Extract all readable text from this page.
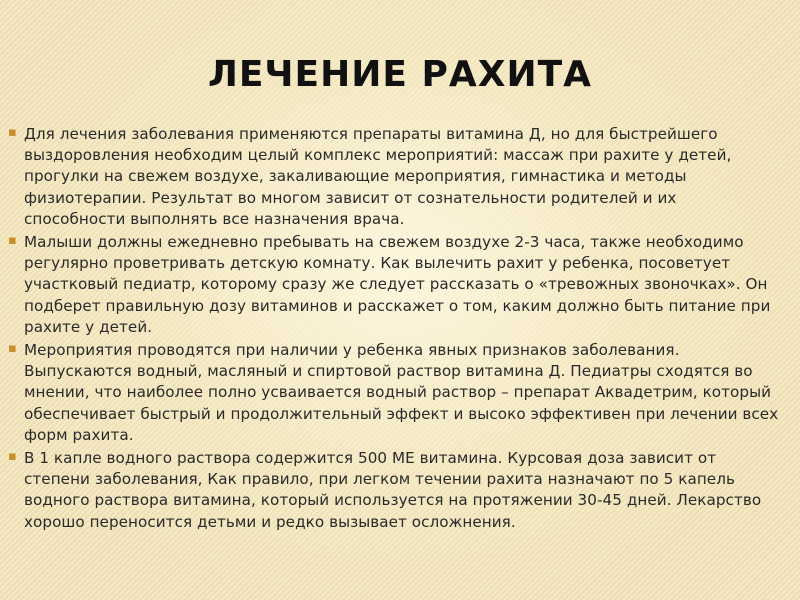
ЛЕЧЕНИЕ РАХИТА
▪ Для лечения заболевания применяются препараты витамина Д, но для быстрейшего выздоровления необходим целый комплекс мероприятий: массаж при рахите у детей, прогулки на свежем воздухе, закаливающие мероприятия, гимнастика и методы физиотерапии. Результат во многом зависит от сознательности родителей и их способности выполнять все назначения врача.
▪ Малыши должны ежедневно пребывать на свежем воздухе 2-3 часа, также необходимо регулярно проветривать детскую комнату. Как вылечить рахит у ребенка, посоветует участковый педиатр, которому сразу же следует рассказать о «тревожных звоночках». Он подберет правильную дозу витаминов и расскажет о том, каким должно быть питание при рахите у детей.
▪ Мероприятия проводятся при наличии у ребенка явных признаков заболевания. Выпускаются водный, масляный и спиртовой раствор витамина Д. Педиатры сходятся во мнении, что наиболее полно усваивается водный раствор – препарат Аквадетрим, который обеспечивает быстрый и продолжительный эффект и высоко эффективен при лечении всех форм рахита.
▪ В 1 капле водного раствора содержится 500 МЕ витамина. Курсовая доза зависит от степени заболевания, Как правило, при легком течении рахита назначают по 5 капель водного раствора витамина, который используется на протяжении 30-45 дней. Лекарство хорошо переносится детьми и редко вызывает осложнения.
